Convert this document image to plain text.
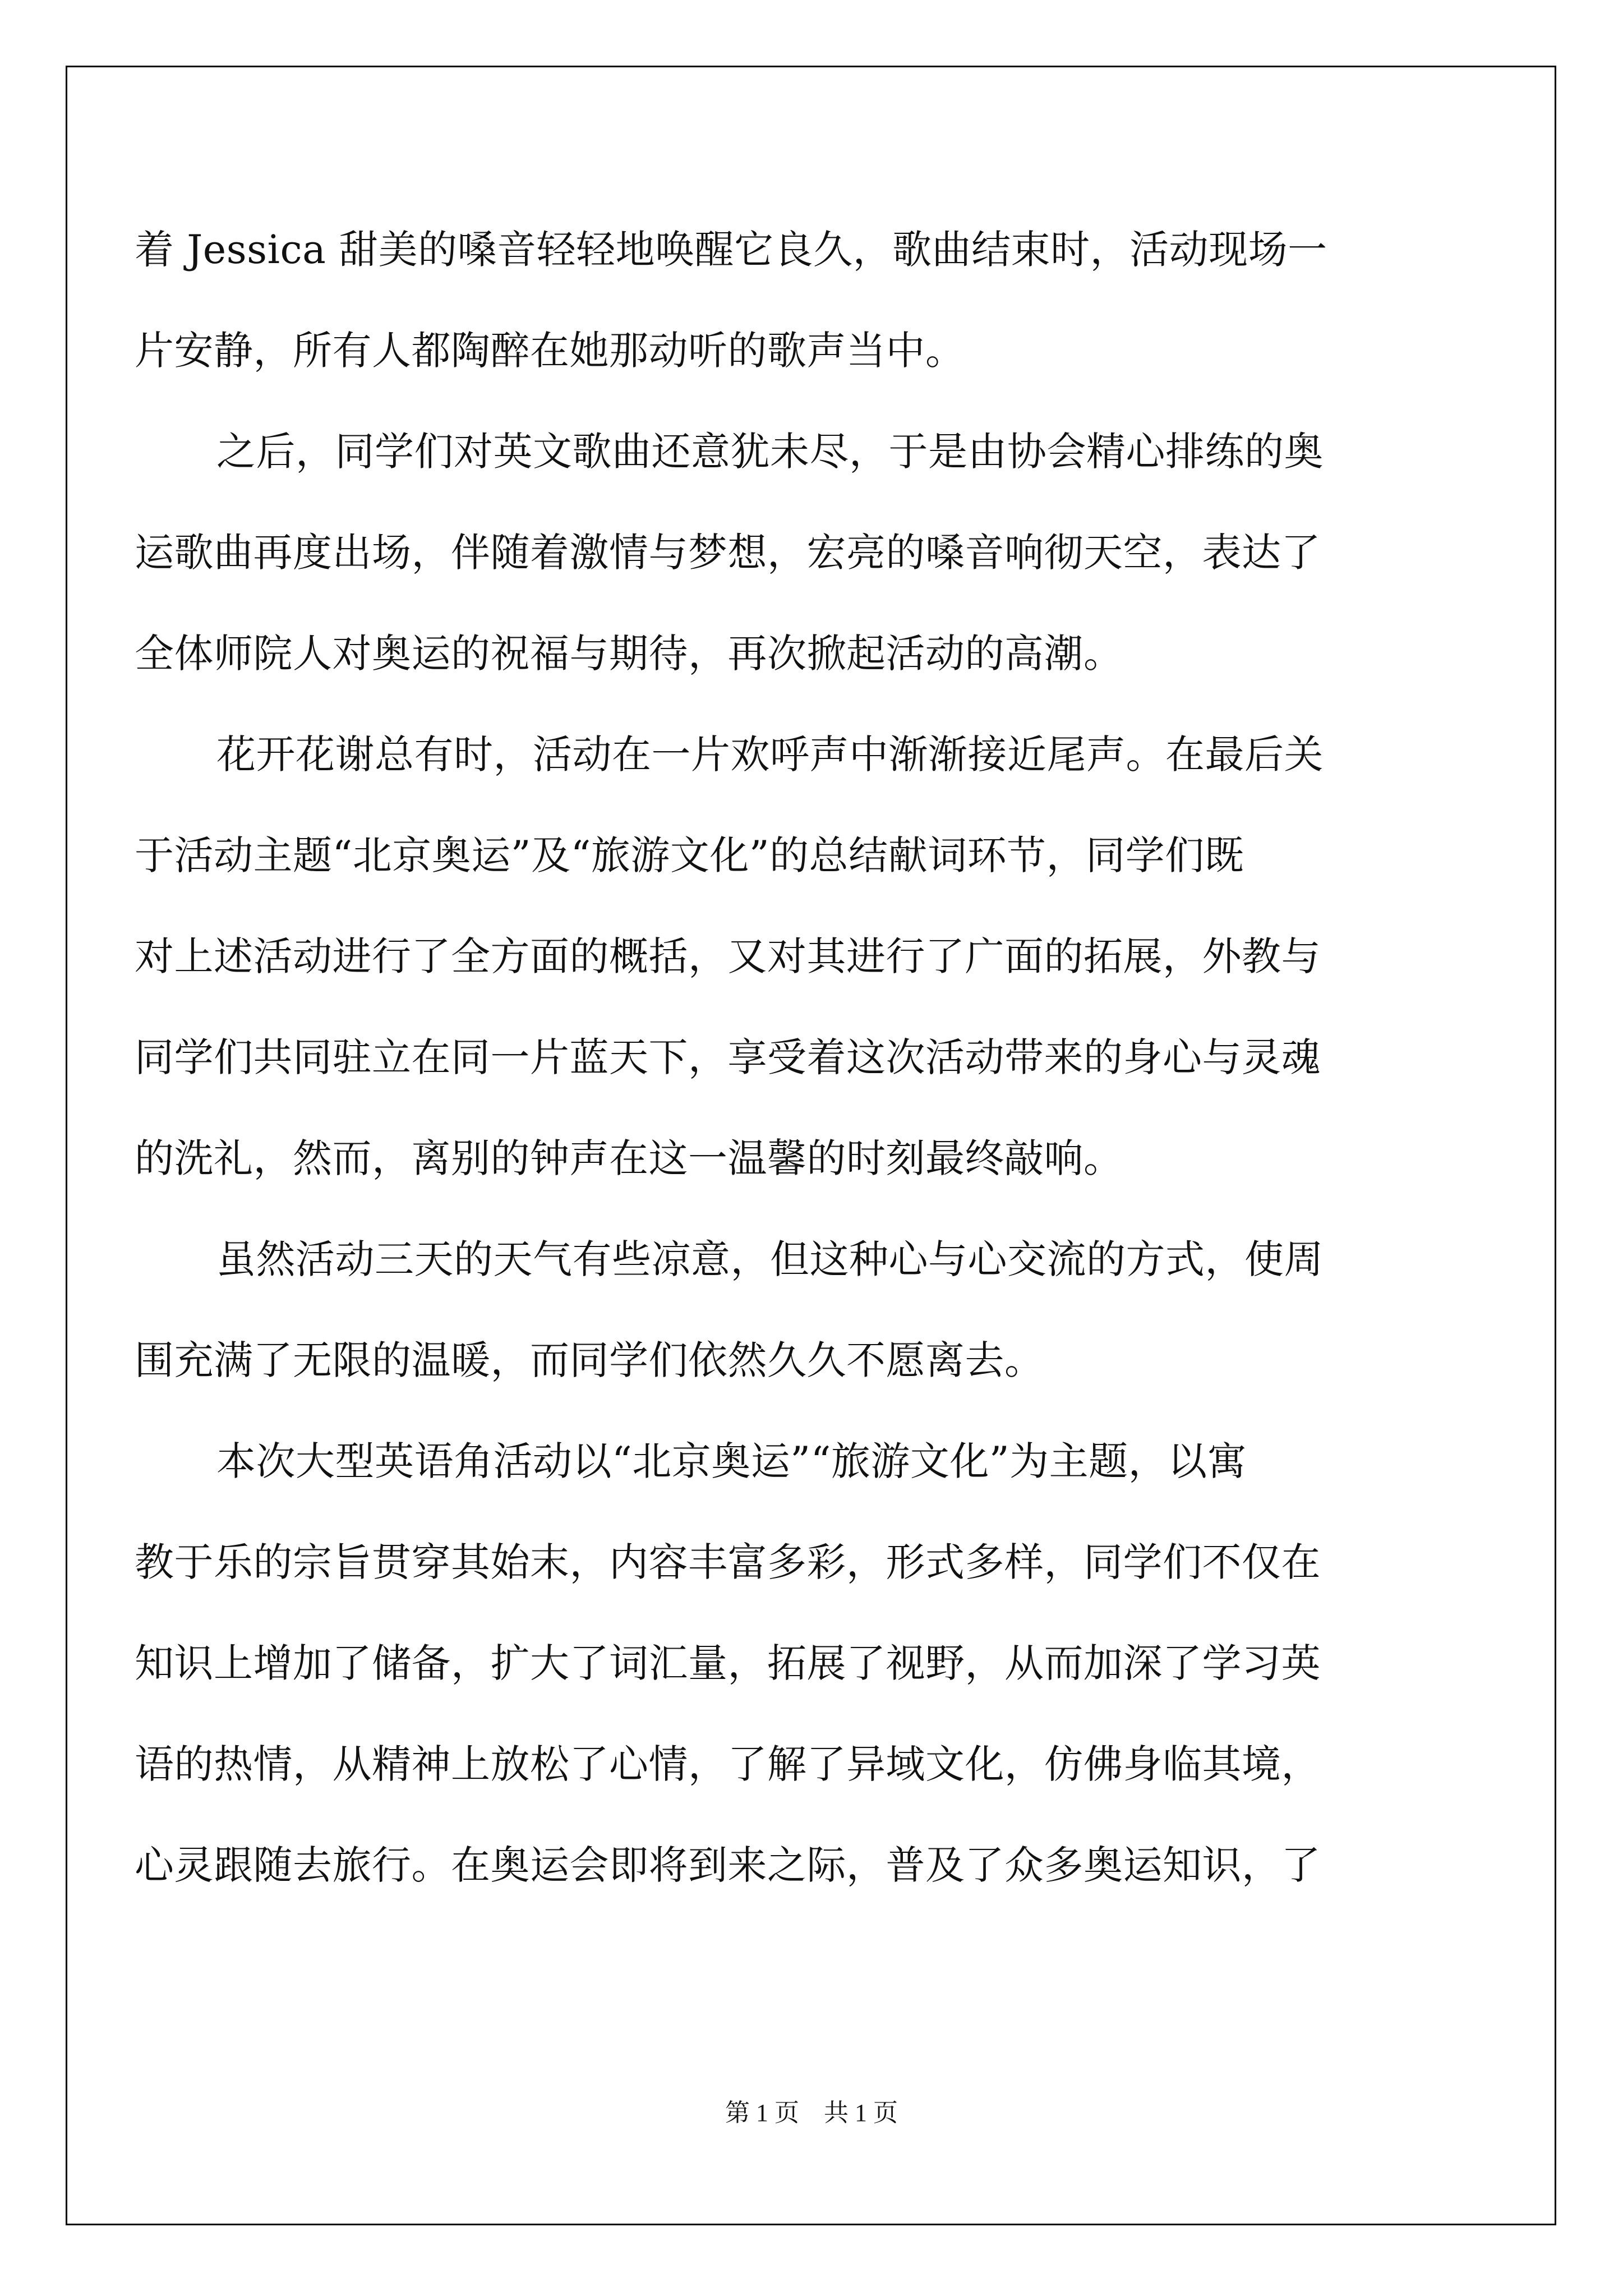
着 Jessica 甜美的嗓音轻轻地唤醒它良久，歌曲结束时，活动现场一
片安静，所有人都陶醉在她那动听的歌声当中。
之后，同学们对英文歌曲还意犹未尽，于是由协会精心排练的奥
运歌曲再度出场，伴随着激情与梦想，宏亮的嗓音响彻天空，表达了
全体师院人对奥运的祝福与期待，再次掀起活动的高潮。
花开花谢总有时，活动在一片欢呼声中渐渐接近尾声。在最后关
于活动主题“北京奥运”及“旅游文化”的总结献词环节，同学们既
对上述活动进行了全方面的概括，又对其进行了广面的拓展，外教与
同学们共同驻立在同一片蓝天下，享受着这次活动带来的身心与灵魂
的洗礼，然而，离别的钟声在这一温馨的时刻最终敲响。
虽然活动三天的天气有些凉意，但这种心与心交流的方式，使周
围充满了无限的温暖，而同学们依然久久不愿离去。
本次大型英语角活动以“北京奥运”“旅游文化”为主题，以寓
教于乐的宗旨贯穿其始末，内容丰富多彩，形式多样，同学们不仅在
知识上增加了储备，扩大了词汇量，拓展了视野，从而加深了学习英
语的热情，从精神上放松了心情，了解了异域文化，仿佛身临其境，
心灵跟随去旅行。在奥运会即将到来之际，普及了众多奥运知识，了
第 1 页　共 1 页
